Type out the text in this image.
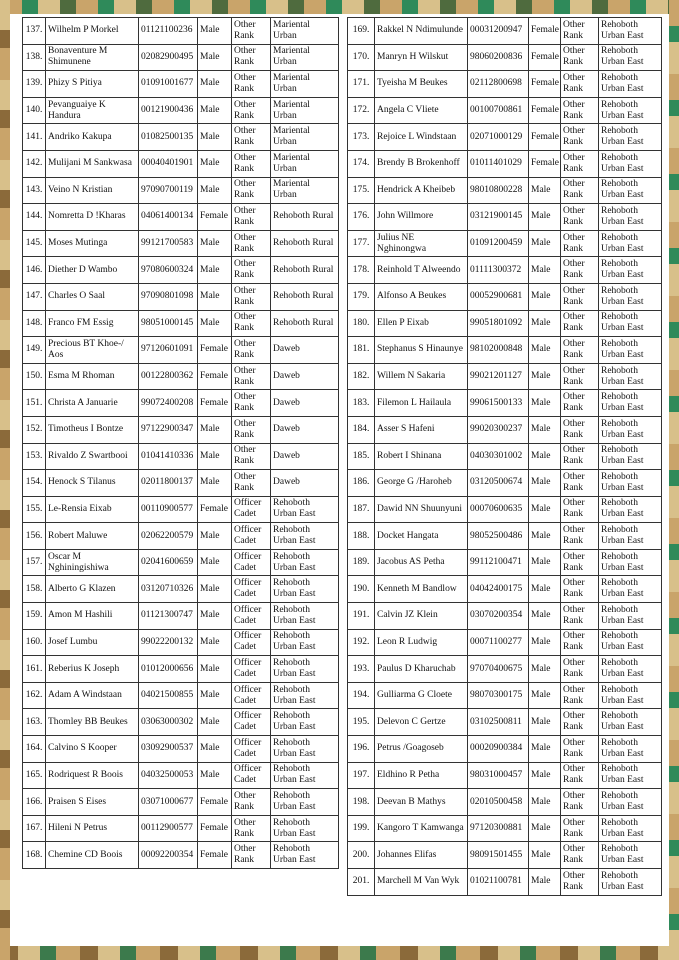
137.	Wilhelm P Morkel	01121100236	Male	Other Rank	Mariental Urban
138.	Bonaventure M Shimunene	02082900495	Male	Other Rank	Mariental Urban
139.	Phizy S Pitiya	01091001677	Male	Other Rank	Mariental Urban
140.	Pevanguaiye K Handura	00121900436	Male	Other Rank	Mariental Urban
141.	Andriko Kakupa	01082500135	Male	Other Rank	Mariental Urban
142.	Mulijani M Sankwasa	00040401901	Male	Other Rank	Mariental Urban
143.	Veino N Kristian	97090700119	Male	Other Rank	Mariental Urban
144.	Nomretta D !Kharas	04061400134	Female	Other Rank	Rehoboth Rural
145.	Moses Mutinga	99121700583	Male	Other Rank	Rehoboth Rural
146.	Diether D Wambo	97080600324	Male	Other Rank	Rehoboth Rural
147.	Charles O Saal	97090801098	Male	Other Rank	Rehoboth Rural
148.	Franco FM Essig	98051000145	Male	Other Rank	Rehoboth Rural
149.	Precious BT Khoe-/ Aos	97120601091	Female	Other Rank	Daweb
150.	Esma M Rhoman	00122800362	Female	Other Rank	Daweb
151.	Christa A Januarie	99072400208	Female	Other Rank	Daweb
152.	Timotheus I Bontze	97122900347	Male	Other Rank	Daweb
153.	Rivaldo Z Swartbooi	01041410336	Male	Other Rank	Daweb
154.	Henock S Tilanus	02011800137	Male	Other Rank	Daweb
155.	Le-Rensia Eixab	00110900577	Female	Officer Cadet	Rehoboth Urban East
156.	Robert Maluwe	02062200579	Male	Officer Cadet	Rehoboth Urban East
157.	Oscar M Nghiningishiwa	02041600659	Male	Officer Cadet	Rehoboth Urban East
158.	Alberto G Klazen	03120710326	Male	Officer Cadet	Rehoboth Urban East
159.	Amon M Hashili	01121300747	Male	Officer Cadet	Rehoboth Urban East
160.	Josef Lumbu	99022200132	Male	Officer Cadet	Rehoboth Urban East
161.	Reberius K Joseph	01012000656	Male	Officer Cadet	Rehoboth Urban East
162.	Adam A Windstaan	04021500855	Male	Officer Cadet	Rehoboth Urban East
163.	Thomley BB Beukes	03063000302	Male	Officer Cadet	Rehoboth Urban East
164.	Calvino S Kooper	03092900537	Male	Officer Cadet	Rehoboth Urban East
165.	Rodriquest R Boois	04032500053	Male	Officer Cadet	Rehoboth Urban East
166.	Praisen S Eises	03071000677	Female	Other Rank	Rehoboth Urban East
167.	Hileni N Petrus	00112900577	Female	Other Rank	Rehoboth Urban East
168.	Chemine CD Boois	00092200354	Female	Other Rank	Rehoboth Urban East
169.	Rakkel N Ndimulunde	00031200947	Female	Other Rank	Rehoboth Urban East
170.	Manryn H Wilskut	98060200836	Female	Other Rank	Rehoboth Urban East
171.	Tyeisha M Beukes	02112800698	Female	Other Rank	Rehoboth Urban East
172.	Angela C Vliete	00100700861	Female	Other Rank	Rehoboth Urban East
173.	Rejoice L Windstaan	02071000129	Female	Other Rank	Rehoboth Urban East
174.	Brendy B Brokenhoff	01011401029	Female	Other Rank	Rehoboth Urban East
175.	Hendrick A Kheibeb	98010800228	Male	Other Rank	Rehoboth Urban East
176.	John Willmore	03121900145	Male	Other Rank	Rehoboth Urban East
177.	Julius NE Nghinongwa	01091200459	Male	Other Rank	Rehoboth Urban East
178.	Reinhold T Alweendo	01111300372	Male	Other Rank	Rehoboth Urban East
179.	Alfonso A Beukes	00052900681	Male	Other Rank	Rehoboth Urban East
180.	Ellen P Eixab	99051801092	Male	Other Rank	Rehoboth Urban East
181.	Stephanus S Hinaunye	98102000848	Male	Other Rank	Rehoboth Urban East
182.	Willem N Sakaria	99021201127	Male	Other Rank	Rehoboth Urban East
183.	Filemon L Hailaula	99061500133	Male	Other Rank	Rehoboth Urban East
184.	Asser S Hafeni	99020300237	Male	Other Rank	Rehoboth Urban East
185.	Robert I Shinana	04030301002	Male	Other Rank	Rehoboth Urban East
186.	George G /Haroheb	03120500674	Male	Other Rank	Rehoboth Urban East
187.	Dawid NN Shuunyuni	00070600635	Male	Other Rank	Rehoboth Urban East
188.	Docket Hangata	98052500486	Male	Other Rank	Rehoboth Urban East
189.	Jacobus AS Petha	99112100471	Male	Other Rank	Rehoboth Urban East
190.	Kenneth M Bandlow	04042400175	Male	Other Rank	Rehoboth Urban East
191.	Calvin JZ Klein	03070200354	Male	Other Rank	Rehoboth Urban East
192.	Leon R Ludwig	00071100277	Male	Other Rank	Rehoboth Urban East
193.	Paulus D Kharuchab	97070400675	Male	Other Rank	Rehoboth Urban East
194.	Gulliarma G Cloete	98070300175	Male	Other Rank	Rehoboth Urban East
195.	Delevon C Gertze	03102500811	Male	Other Rank	Rehoboth Urban East
196.	Petrus /Goagoseb	00020900384	Male	Other Rank	Rehoboth Urban East
197.	Eldhino R Petha	98031000457	Male	Other Rank	Rehoboth Urban East
198.	Deevan B Mathys	02010500458	Male	Other Rank	Rehoboth Urban East
199.	Kangoro T Kamwanga	97120300881	Male	Other Rank	Rehoboth Urban East
200.	Johannes Elifas	98091501455	Male	Other Rank	Rehoboth Urban East
201.	Marchell M Van Wyk	01021100781	Male	Other Rank	Rehoboth Urban East
